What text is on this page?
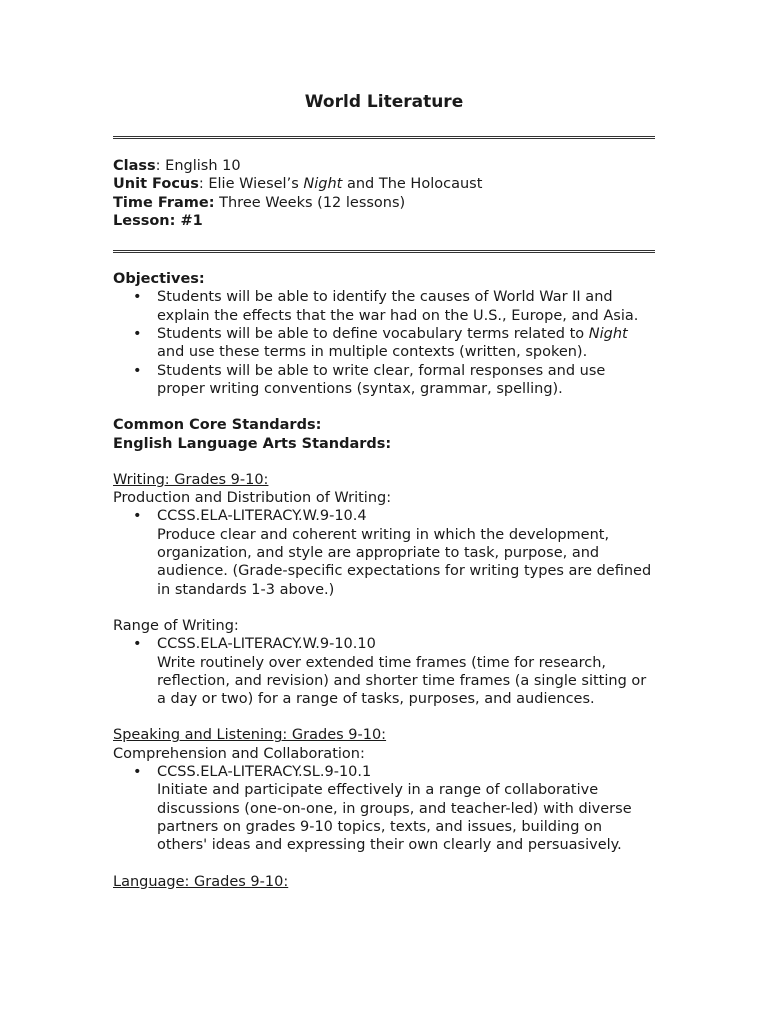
World Literature

Class: English 10

Unit Focus: Elie Wiesel’s Night and The Holocaust

Time Frame: Three Weeks (12 lessons)

Lesson: #1

Objectives:

• Students will be able to identify the causes of World War II and explain the effects that the war had on the U.S., Europe, and Asia.
• Students will be able to define vocabulary terms related to Night and use these terms in multiple contexts (written, spoken).
• Students will be able to write clear, formal responses and use proper writing conventions (syntax, grammar, spelling).

Common Core Standards:

English Language Arts Standards:

Writing: Grades 9-10:

Production and Distribution of Writing:

• CCSS.ELA-LITERACY.W.9-10.4
Produce clear and coherent writing in which the development, organization, and style are appropriate to task, purpose, and audience. (Grade-specific expectations for writing types are defined in standards 1-3 above.)

Range of Writing:

• CCSS.ELA-LITERACY.W.9-10.10
Write routinely over extended time frames (time for research, reflection, and revision) and shorter time frames (a single sitting or a day or two) for a range of tasks, purposes, and audiences.

Speaking and Listening: Grades 9-10:

Comprehension and Collaboration:

• CCSS.ELA-LITERACY.SL.9-10.1
Initiate and participate effectively in a range of collaborative discussions (one-on-one, in groups, and teacher-led) with diverse partners on grades 9-10 topics, texts, and issues, building on others' ideas and expressing their own clearly and persuasively.

Language: Grades 9-10:
